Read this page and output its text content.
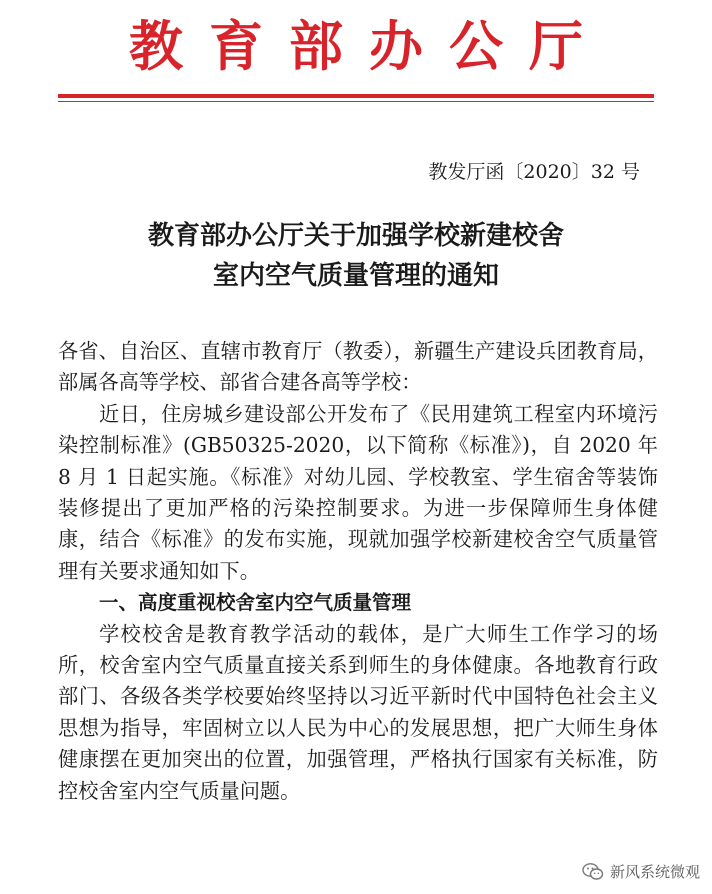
教育部办公厅
教发厅函〔2020〕32 号
教育部办公厅关于加强学校新建校舍
室内空气质量管理的通知

各省、自治区、直辖市教育厅（教委），新疆生产建设兵团教育局，部属各高等学校、部省合建各高等学校：

近日，住房城乡建设部公开发布了《民用建筑工程室内环境污染控制标准》(GB50325-2020，以下简称《标准》)，自 2020 年 8 月 1 日起实施。《标准》对幼儿园、学校教室、学生宿舍等装饰装修提出了更加严格的污染控制要求。为进一步保障师生身体健康，结合《标准》的发布实施，现就加强学校新建校舍空气质量管理有关要求通知如下。

一、高度重视校舍室内空气质量管理

学校校舍是教育教学活动的载体，是广大师生工作学习的场所，校舍室内空气质量直接关系到师生的身体健康。各地教育行政部门、各级各类学校要始终坚持以习近平新时代中国特色社会主义思想为指导，牢固树立以人民为中心的发展思想，把广大师生身体健康摆在更加突出的位置，加强管理，严格执行国家有关标准，防控校舍室内空气质量问题。

新风系统微观
